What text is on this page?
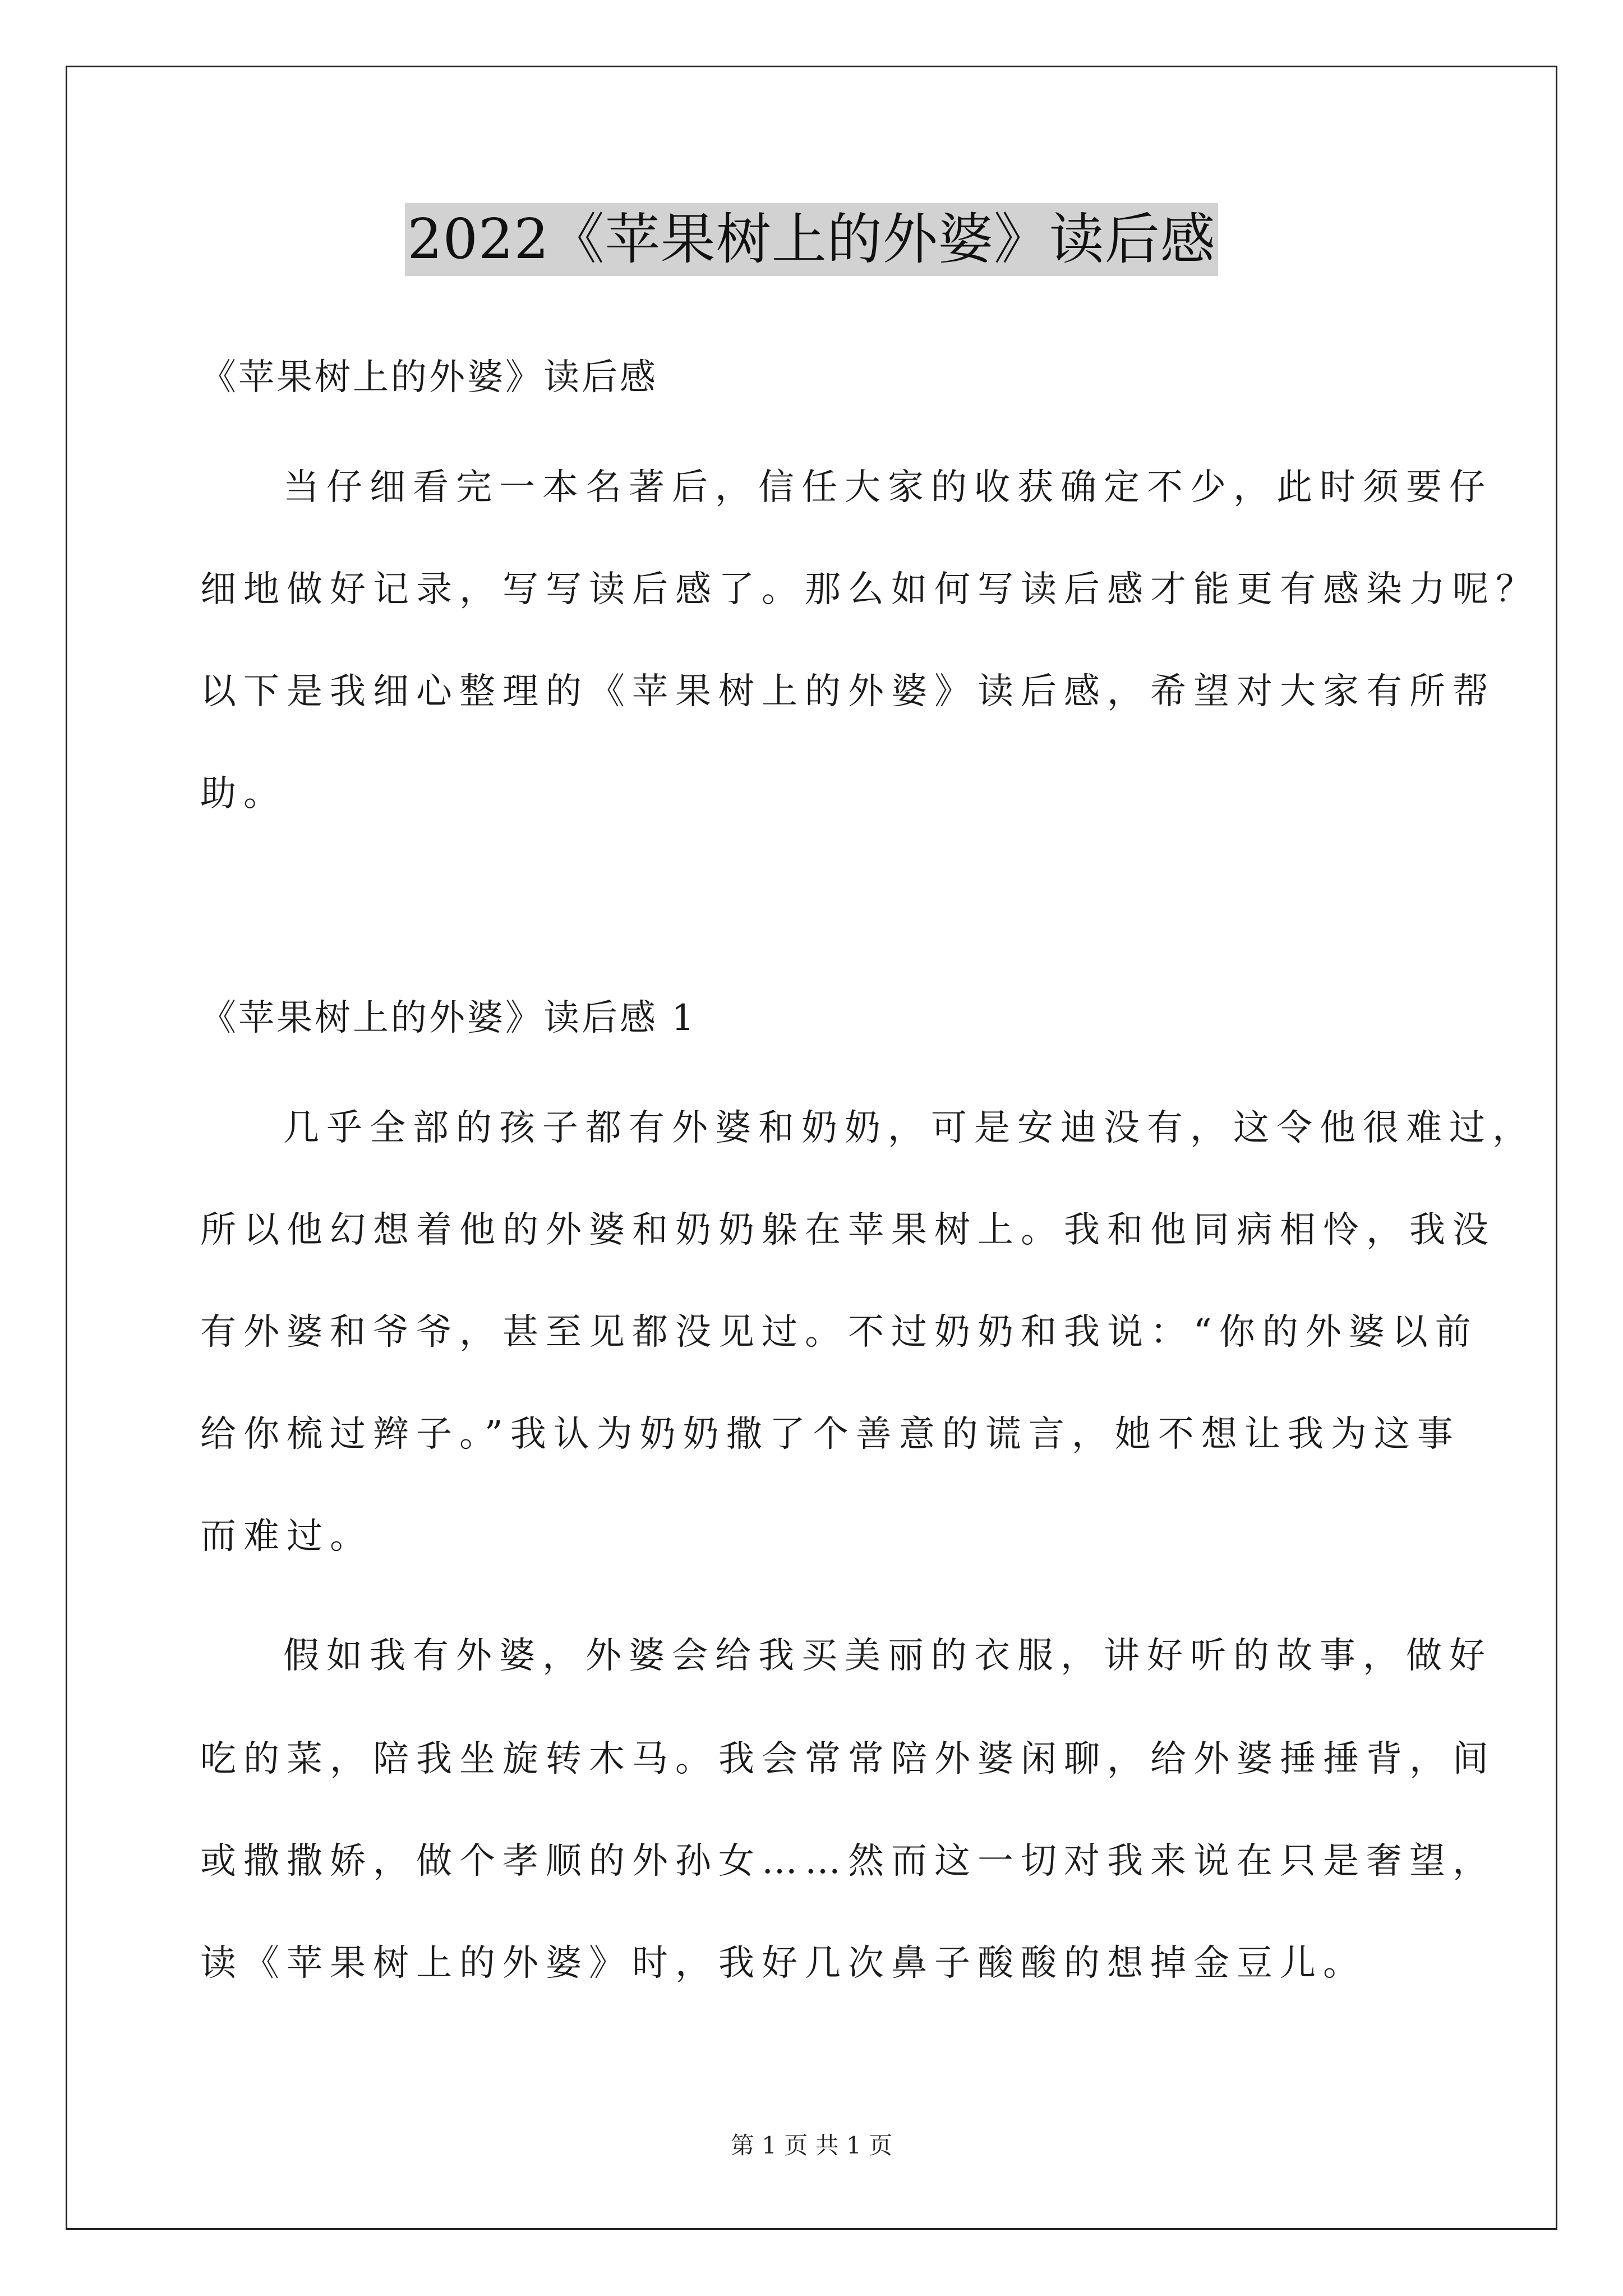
2022《苹果树上的外婆》读后感
《苹果树上的外婆》读后感
当仔细看完一本名著后，信任大家的收获确定不少，此时须要仔
细地做好记录，写写读后感了。那么如何写读后感才能更有感染力呢？
以下是我细心整理的《苹果树上的外婆》读后感，希望对大家有所帮
助。
《苹果树上的外婆》读后感 1
几乎全部的孩子都有外婆和奶奶，可是安迪没有，这令他很难过，
所以他幻想着他的外婆和奶奶躲在苹果树上。我和他同病相怜，我没
有外婆和爷爷，甚至见都没见过。不过奶奶和我说：“你的外婆以前
给你梳过辫子。”我认为奶奶撒了个善意的谎言，她不想让我为这事
而难过。
假如我有外婆，外婆会给我买美丽的衣服，讲好听的故事，做好
吃的菜，陪我坐旋转木马。我会常常陪外婆闲聊，给外婆捶捶背，间
或撒撒娇，做个孝顺的外孙女……然而这一切对我来说在只是奢望，
读《苹果树上的外婆》时，我好几次鼻子酸酸的想掉金豆儿。
第 1 页 共 1 页
